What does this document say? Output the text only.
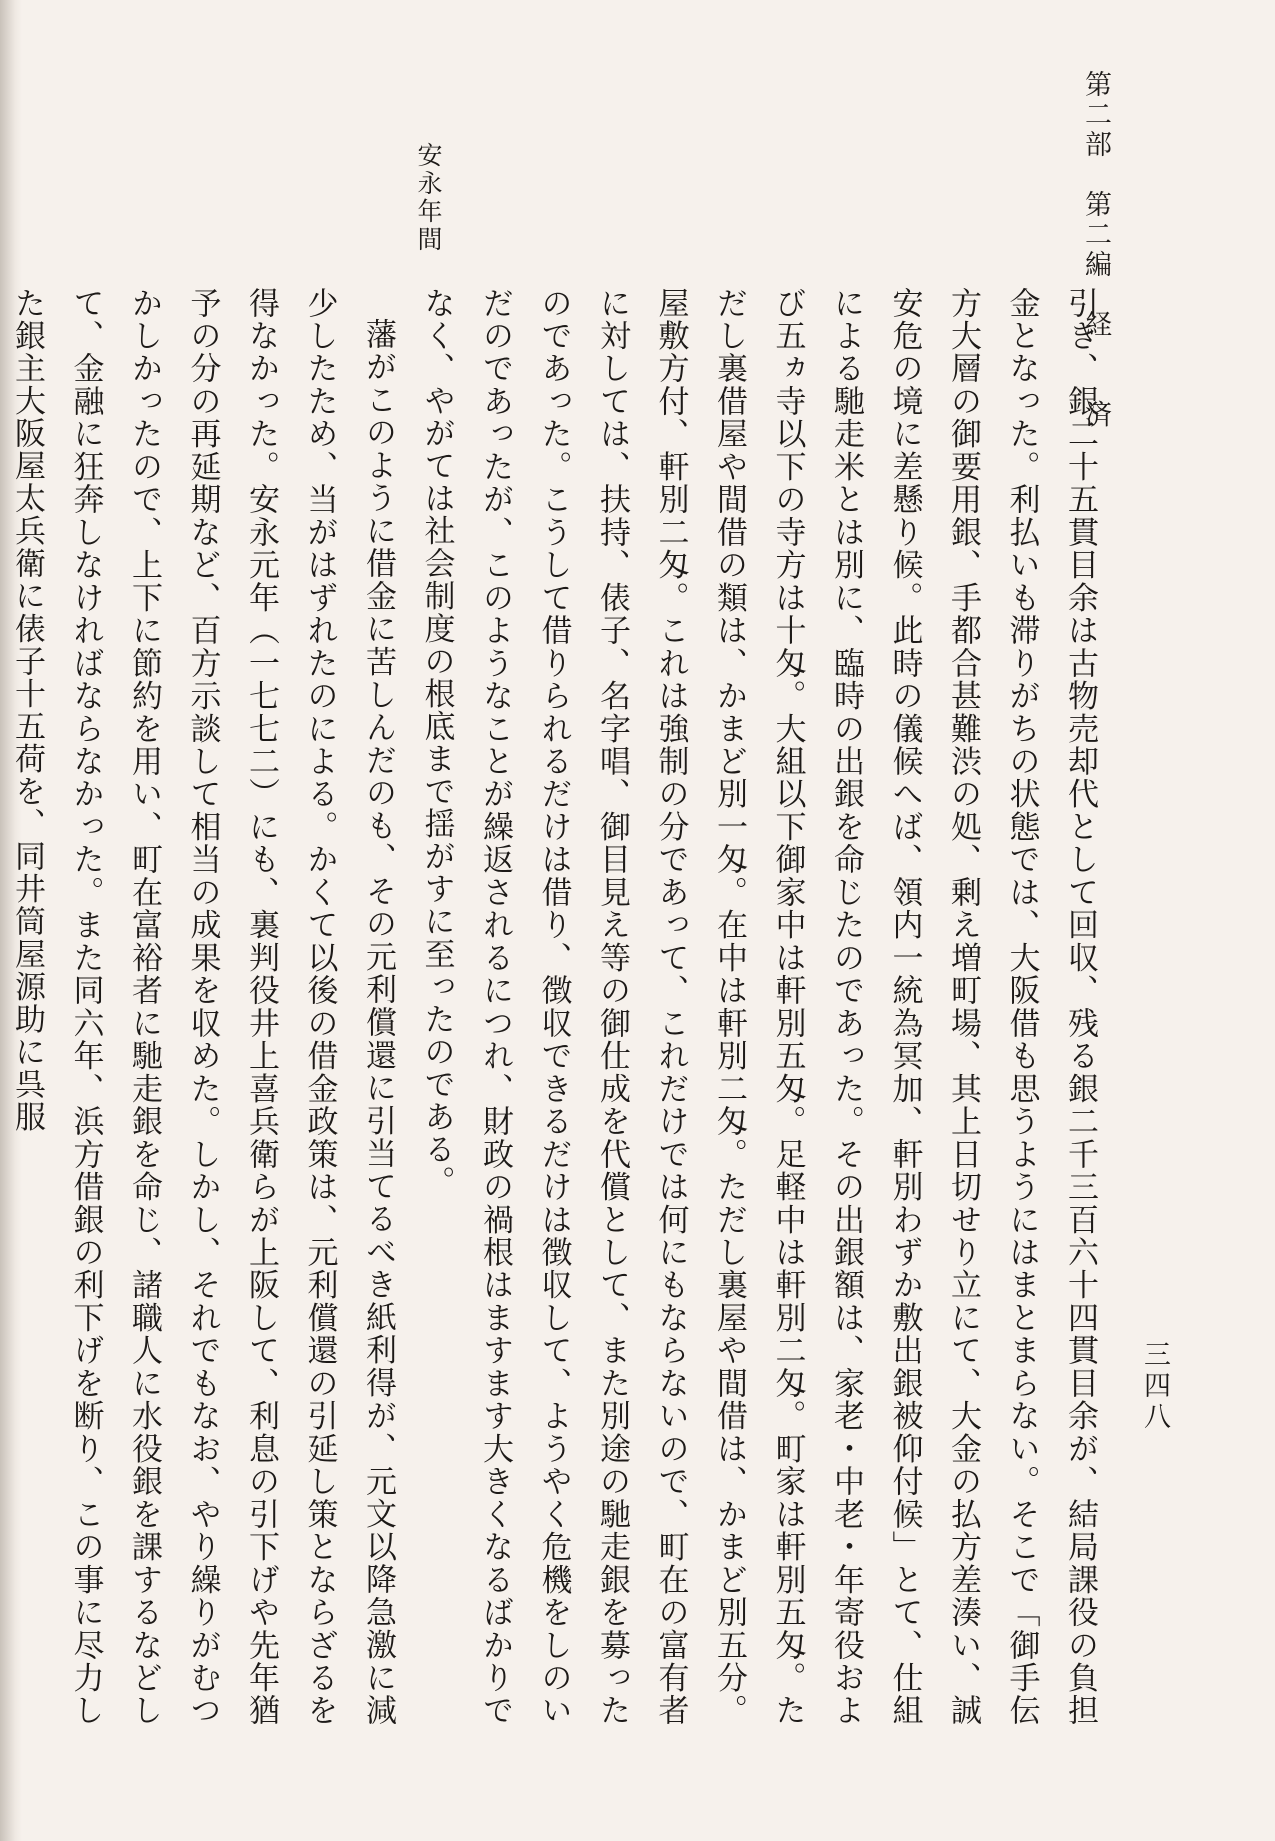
第二部　第二編　経　　済
三四八
安永年間

引き、銀二十五貫目余は古物売却代として回収、残る銀二千三百六十四貫目余が、結局課役の負担金となった。利払いも滞りがちの状態では、大阪借も思うようにはまとまらない。そこで「御手伝方大層の御要用銀、手都合甚難渋の処、剰え増町場、其上日切せり立にて、大金の払方差湊い、誠安危の境に差懸り候。此時の儀候へば、領内一統為冥加、軒別わずか敷出銀被仰付候」とて、仕組による馳走米とは別に、臨時の出銀を命じたのであった。その出銀額は、家老・中老・年寄役および五ヵ寺以下の寺方は十匁。大組以下御家中は軒別五匁。足軽中は軒別二匁。町家は軒別五匁。ただし裏借屋や間借の類は、かまど別一匁。在中は軒別二匁。ただし裏屋や間借は、かまど別五分。屋敷方付、軒別二匁。これは強制の分であって、これだけでは何にもならないので、町在の富有者に対しては、扶持、俵子、名字唱、御目見え等の御仕成を代償として、また別途の馳走銀を募ったのであった。こうして借りられるだけは借り、徴収できるだけは徴収して、ようやく危機をしのいだのであったが、このようなことが繰返されるにつれ、財政の禍根はますます大きくなるばかりでなく、やがては社会制度の根底まで揺がすに至ったのである。

藩がこのように借金に苦しんだのも、その元利償還に引当てるべき紙利得が、元文以降急激に減少したため、当がはずれたのによる。かくて以後の借金政策は、元利償還の引延し策とならざるを得なかった。安永元年（一七七二）にも、裏判役井上喜兵衛らが上阪して、利息の引下げや先年猶予の分の再延期など、百方示談して相当の成果を収めた。しかし、それでもなお、やり繰りがむつかしかったので、上下に節約を用い、町在富裕者に馳走銀を命じ、諸職人に水役銀を課するなどして、金融に狂奔しなければならなかった。また同六年、浜方借銀の利下げを断り、この事に尽力した銀主大阪屋太兵衛に俵子十五荷を、同井筒屋源助に呉服
